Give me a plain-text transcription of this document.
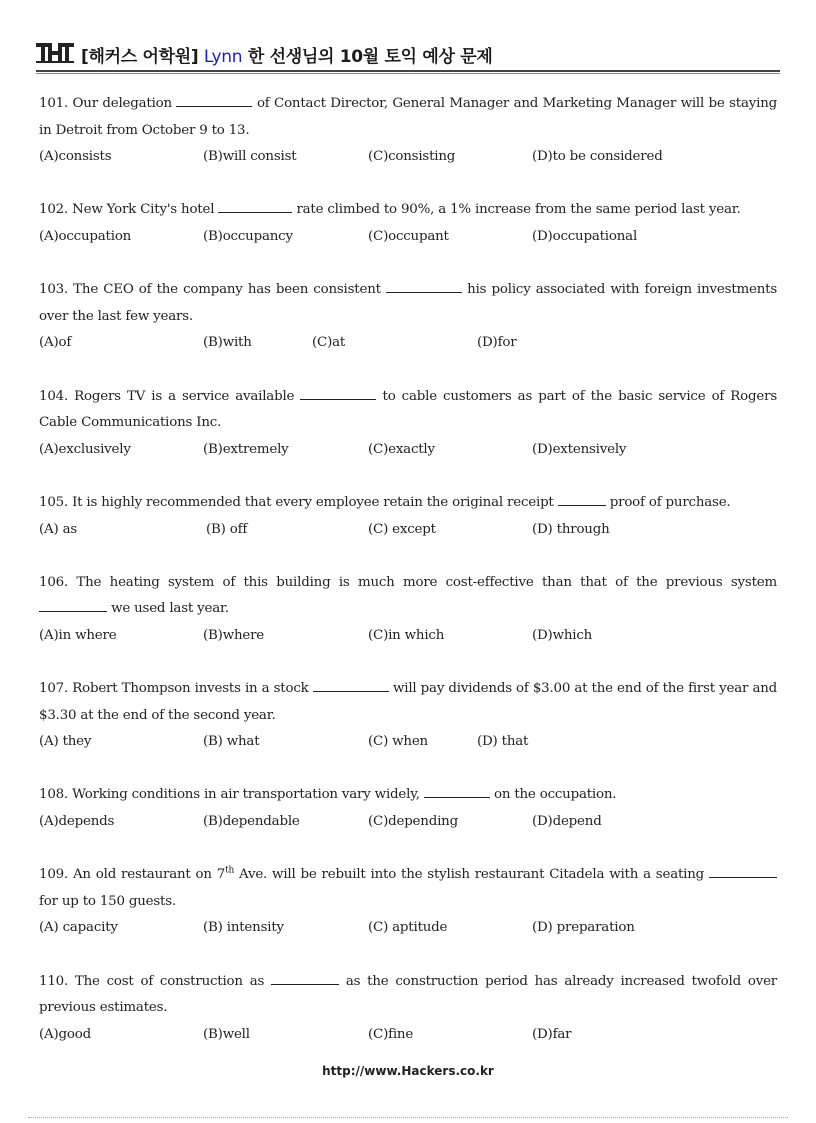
[해커스 어학원] Lynn 한 선생님의 10월 토익 예상 문제
101. Our delegation	of Contact Director, General Manager and Marketing Manager will be staying in Detroit from October 9 to 13.
(A)consists	(B)will consist	(C)consisting	(D)to be considered
102. New York City's hotel	rate climbed to 90%, a 1% increase from the same period last year.
(A)occupation	(B)occupancy	(C)occupant	(D)occupational
103. The CEO of the company has been consistent	his policy associated with foreign investments over the last few years.
(A)of	(B)with	(C)at	(D)for
104. Rogers TV is a service available	to cable customers as part of the basic service of Rogers Cable Communications Inc.
(A)exclusively	(B)extremely	(C)exactly	(D)extensively
105. It is highly recommended that every employee retain the original receipt	proof of purchase.
(A) as	(B) off	(C) except	(D) through
106. The heating system of this building is much more cost-effective than that of the previous system  we used last year.
(A)in where	(B)where	(C)in which	(D)which
107. Robert Thompson invests in a stock	will pay dividends of $3.00 at the end of the first year and $3.30 at the end of the second year.
(A) they	(B) what	(C) when	(D) that
108. Working conditions in air transportation vary widely,	on the occupation.
(A)depends	(B)dependable	(C)depending	(D)depend
109. An old restaurant on 7th Ave. will be rebuilt into the stylish restaurant Citadela with a seating  for up to 150 guests.
(A) capacity	(B) intensity	(C) aptitude	(D) preparation
110. The cost of construction as	as the construction period has already increased twofold over previous estimates.
(A)good	(B)well	(C)fine	(D)far
http://www.Hackers.co.kr
